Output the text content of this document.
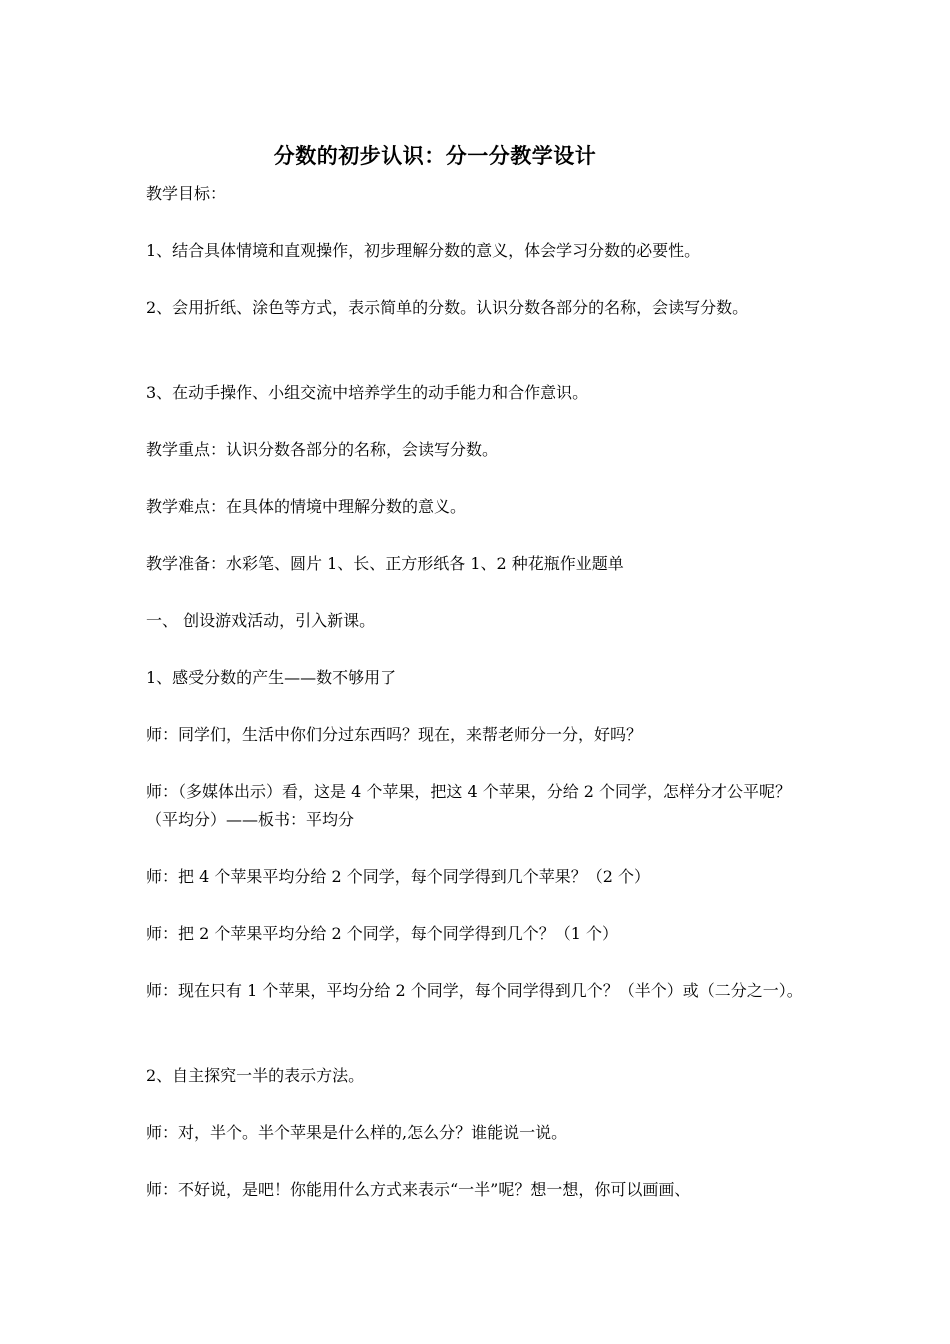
分数的初步认识：分一分教学设计

教学目标：

1、结合具体情境和直观操作，初步理解分数的意义，体会学习分数的必要性。

2、会用折纸、涂色等方式，表示简单的分数。认识分数各部分的名称，会读写分数。

3、在动手操作、小组交流中培养学生的动手能力和合作意识。

教学重点：认识分数各部分的名称，会读写分数。

教学难点：在具体的情境中理解分数的意义。

教学准备：水彩笔、圆片 1、长、正方形纸各 1、2 种花瓶作业题单

一、 创设游戏活动，引入新课。

1、感受分数的产生——数不够用了

师：同学们，生活中你们分过东西吗？现在，来帮老师分一分，好吗？

师：（多媒体出示）看，这是 4 个苹果，把这 4 个苹果，分给 2 个同学，怎样分才公平呢？（平均分）——板书：平均分

师：把 4 个苹果平均分给 2 个同学，每个同学得到几个苹果？（2 个）

师：把 2 个苹果平均分给 2 个同学，每个同学得到几个？（1 个）

师：现在只有 1 个苹果，平均分给 2 个同学，每个同学得到几个？（半个）或（二分之一）。

2、自主探究一半的表示方法。

师：对，半个。半个苹果是什么样的,怎么分？谁能说一说。

师：不好说，是吧！你能用什么方式来表示“一半”呢？想一想，你可以画画、
